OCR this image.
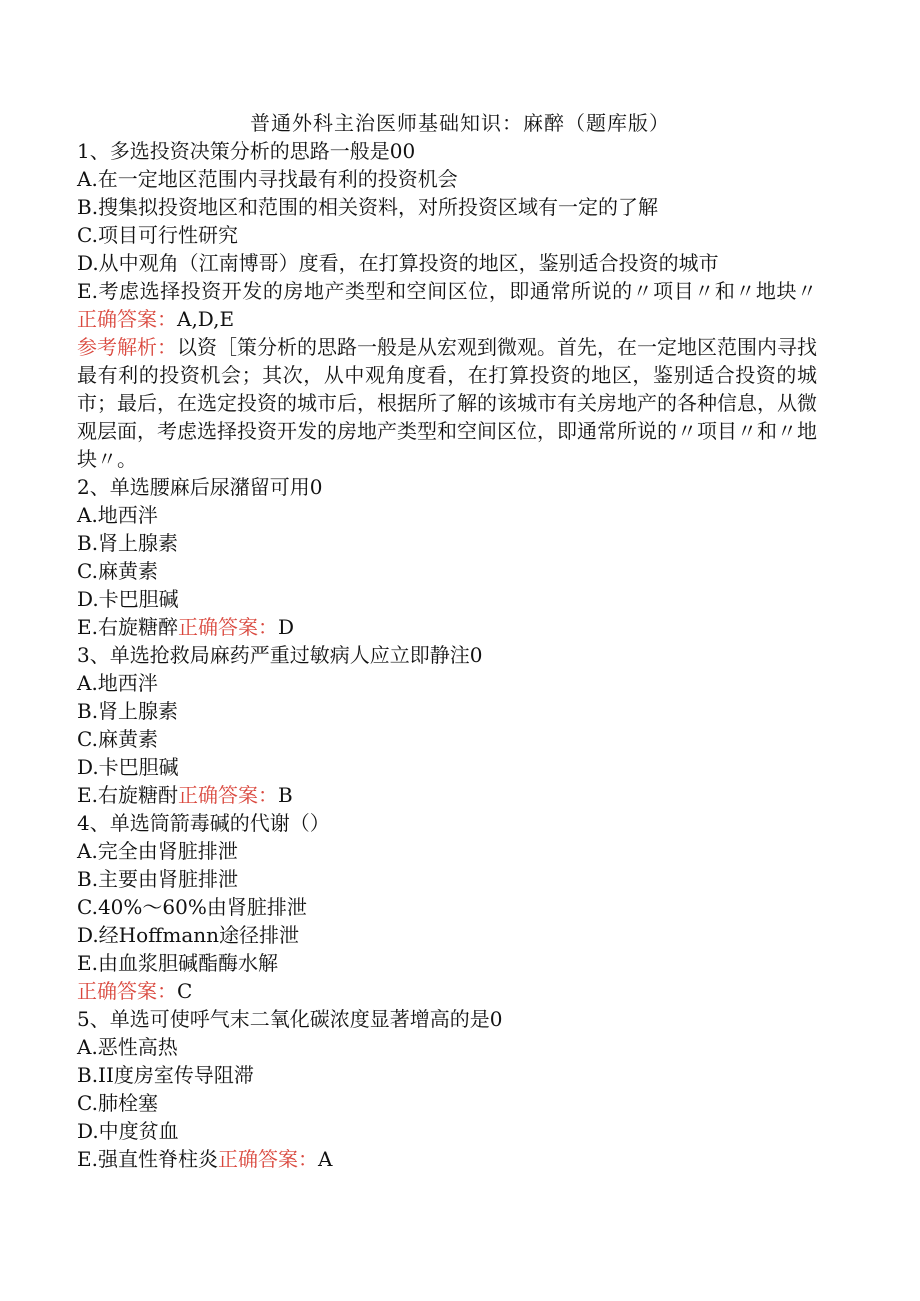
普通外科主治医师基础知识：麻醉（题库版）
1、多选投资决策分析的思路一般是00
A.在一定地区范围内寻找最有利的投资机会
B.搜集拟投资地区和范围的相关资料，对所投资区域有一定的了解
C.项目可行性研究
D.从中观角（江南博哥）度看，在打算投资的地区，鉴别适合投资的城市
E.考虑选择投资开发的房地产类型和空间区位，即通常所说的〃项目〃和〃地块〃正确答案：A,D,E
参考解析：以资［策分析的思路一般是从宏观到微观。首先，在一定地区范围内寻找最有利的投资机会；其次，从中观角度看，在打算投资的地区，鉴别适合投资的城市；最后，在选定投资的城市后，根据所了解的该城市有关房地产的各种信息，从微观层面，考虑选择投资开发的房地产类型和空间区位，即通常所说的〃项目〃和〃地块〃。
2、单选腰麻后尿潴留可用0
A.地西泮
B.肾上腺素
C.麻黄素
D.卡巴胆碱
E.右旋糖醉正确答案：D
3、单选抢救局麻药严重过敏病人应立即静注0
A.地西泮
B.肾上腺素
C.麻黄素
D.卡巴胆碱
E.右旋糖酎正确答案：B
4、单选筒箭毒碱的代谢（）
A.完全由肾脏排泄
B.主要由肾脏排泄
C.40%～60%由肾脏排泄
D.经Hoffmann途径排泄
E.由血浆胆碱酯酶水解
正确答案：C
5、单选可使呼气末二氧化碳浓度显著增高的是0
A.恶性高热
B.II度房室传导阻滞
C.肺栓塞
D.中度贫血
E.强直性脊柱炎正确答案：A
